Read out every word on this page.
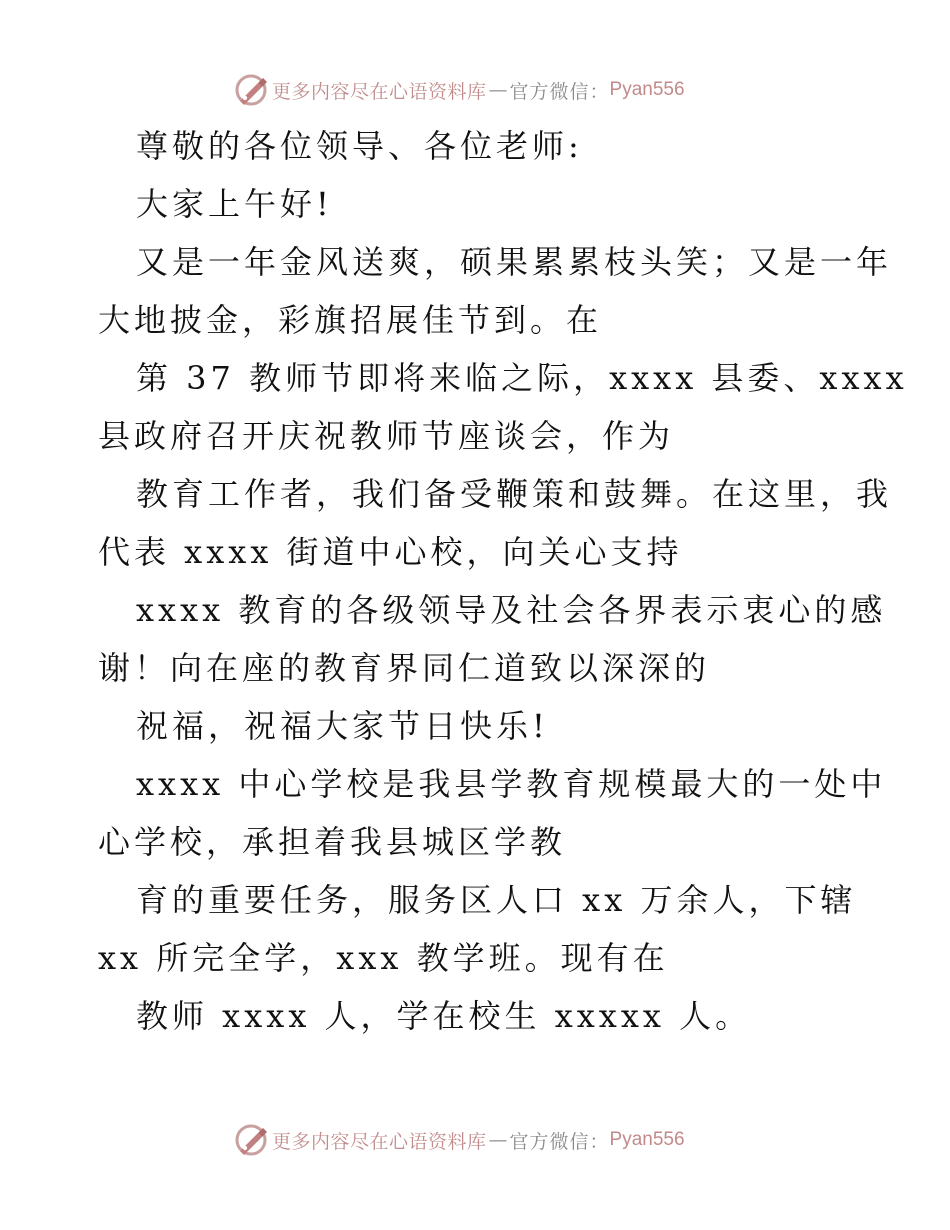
更多内容尽在心语资料库 — 官方微信： Pyan556
尊敬的各位领导、各位老师:
大家上午好!
又是一年金风送爽，硕果累累枝头笑；又是一年
大地披金，彩旗招展佳节到。在
第 37 教师节即将来临之际，xxxx 县委、xxxx
县政府召开庆祝教师节座谈会，作为
教育工作者，我们备受鞭策和鼓舞。在这里，我
代表 xxxx 街道中心校，向关心支持
xxxx 教育的各级领导及社会各界表示衷心的感
谢！向在座的教育界同仁道致以深深的
祝福，祝福大家节日快乐!
xxxx 中心学校是我县学教育规模最大的一处中
心学校，承担着我县城区学教
育的重要任务，服务区人口 xx 万余人，下辖
xx 所完全学，xxx 教学班。现有在
教师 xxxx 人，学在校生 xxxxx 人。
更多内容尽在心语资料库 — 官方微信： Pyan556
